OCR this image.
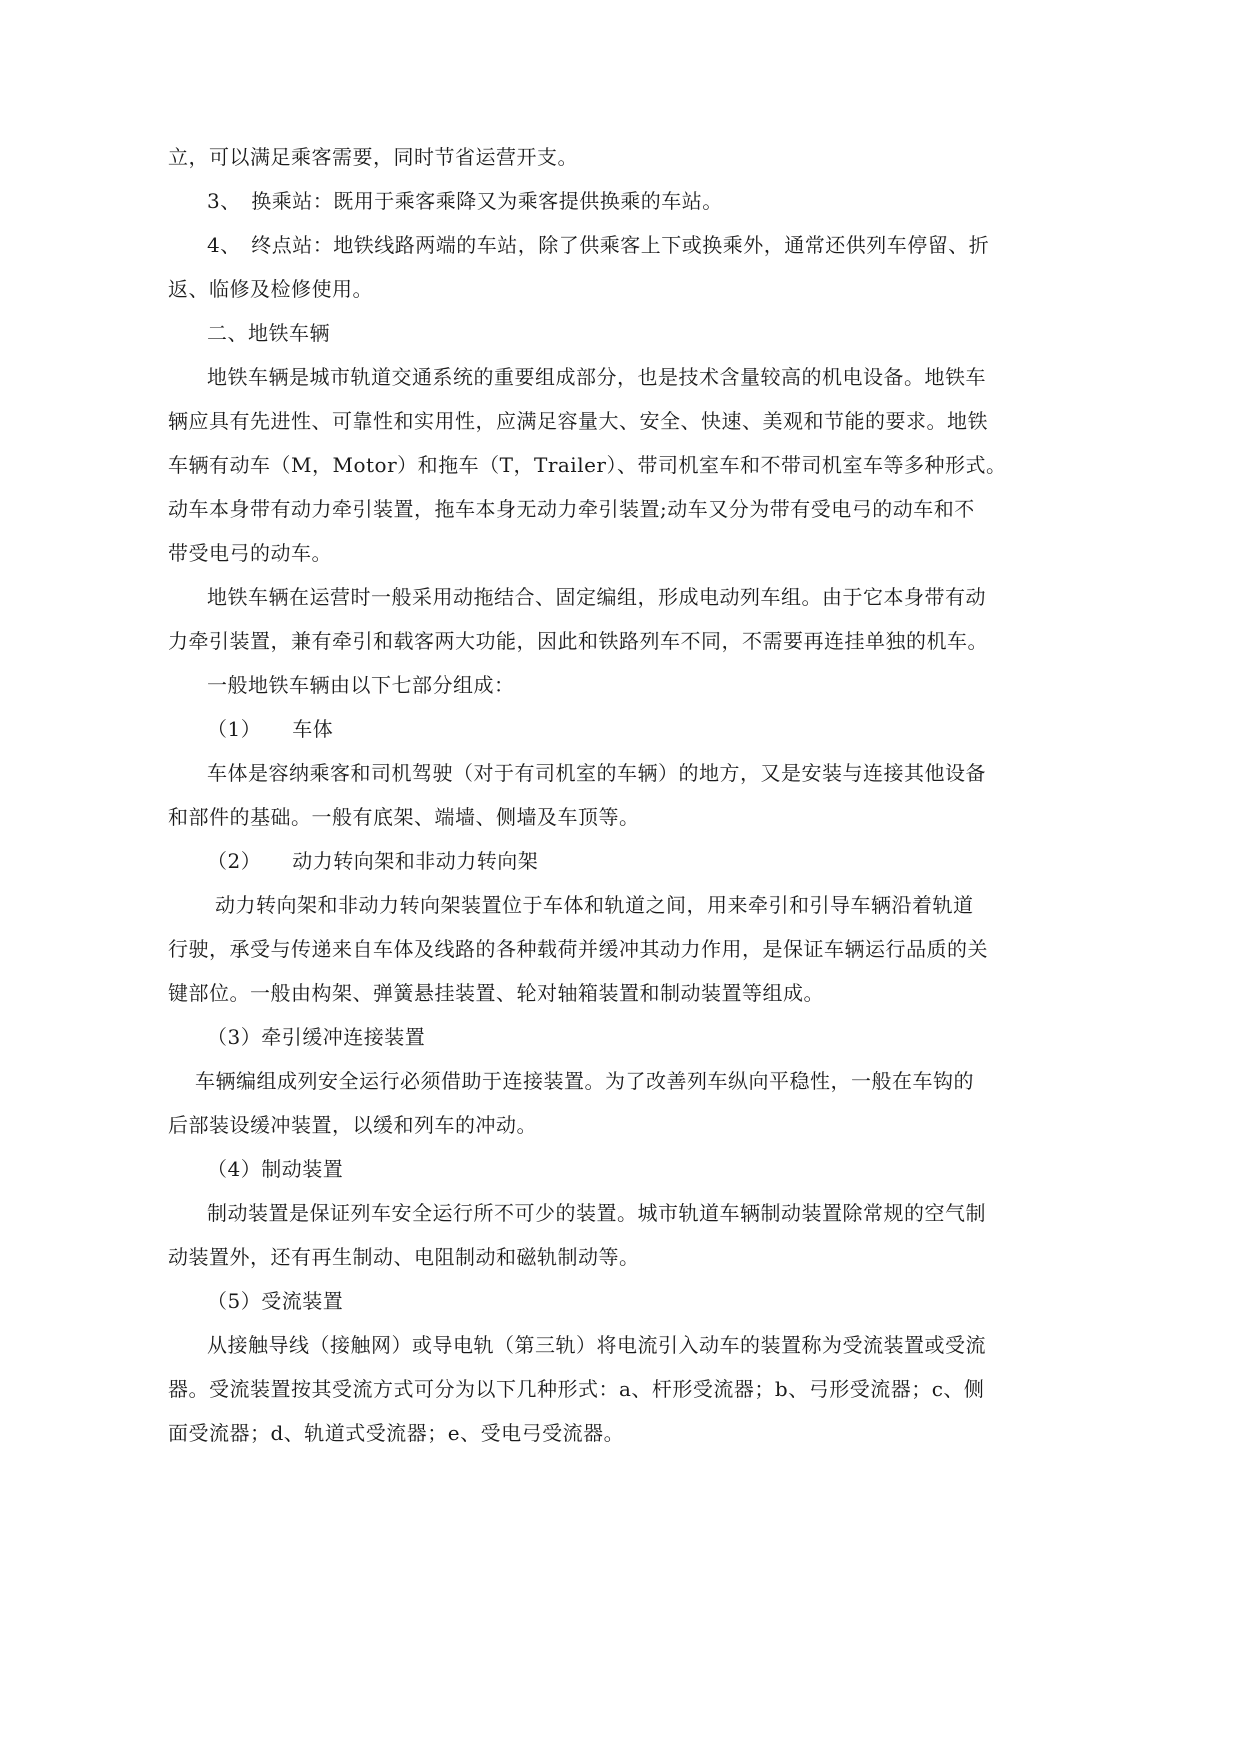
立，可以满足乘客需要，同时节省运营开支。

3、　换乘站：既用于乘客乘降又为乘客提供换乘的车站。

4、　终点站：地铁线路两端的车站，除了供乘客上下或换乘外，通常还供列车停留、折

返、临修及检修使用。

二、地铁车辆

地铁车辆是城市轨道交通系统的重要组成部分，也是技术含量较高的机电设备。地铁车

辆应具有先进性、可靠性和实用性，应满足容量大、安全、快速、美观和节能的要求。地铁

车辆有动车（M，Motor）和拖车（T，Trailer）、带司机室车和不带司机室车等多种形式。

动车本身带有动力牵引装置，拖车本身无动力牵引装置;动车又分为带有受电弓的动车和不

带受电弓的动车。

地铁车辆在运营时一般采用动拖结合、固定编组，形成电动列车组。由于它本身带有动

力牵引装置，兼有牵引和载客两大功能，因此和铁路列车不同，不需要再连挂单独的机车。

一般地铁车辆由以下七部分组成：

（1）　　车体

车体是容纳乘客和司机驾驶（对于有司机室的车辆）的地方，又是安装与连接其他设备

和部件的基础。一般有底架、端墙、侧墙及车顶等。

（2）　　动力转向架和非动力转向架

动力转向架和非动力转向架装置位于车体和轨道之间，用来牵引和引导车辆沿着轨道

行驶，承受与传递来自车体及线路的各种载荷并缓冲其动力作用，是保证车辆运行品质的关

键部位。一般由构架、弹簧悬挂装置、轮对轴箱装置和制动装置等组成。

（3）牵引缓冲连接装置

车辆编组成列安全运行必须借助于连接装置。为了改善列车纵向平稳性，一般在车钩的

后部装设缓冲装置，以缓和列车的冲动。

（4）制动装置

制动装置是保证列车安全运行所不可少的装置。城市轨道车辆制动装置除常规的空气制

动装置外，还有再生制动、电阻制动和磁轨制动等。

（5）受流装置

从接触导线（接触网）或导电轨（第三轨）将电流引入动车的装置称为受流装置或受流

器。受流装置按其受流方式可分为以下几种形式：a、杆形受流器；b、弓形受流器；c、侧

面受流器；d、轨道式受流器；e、受电弓受流器。
